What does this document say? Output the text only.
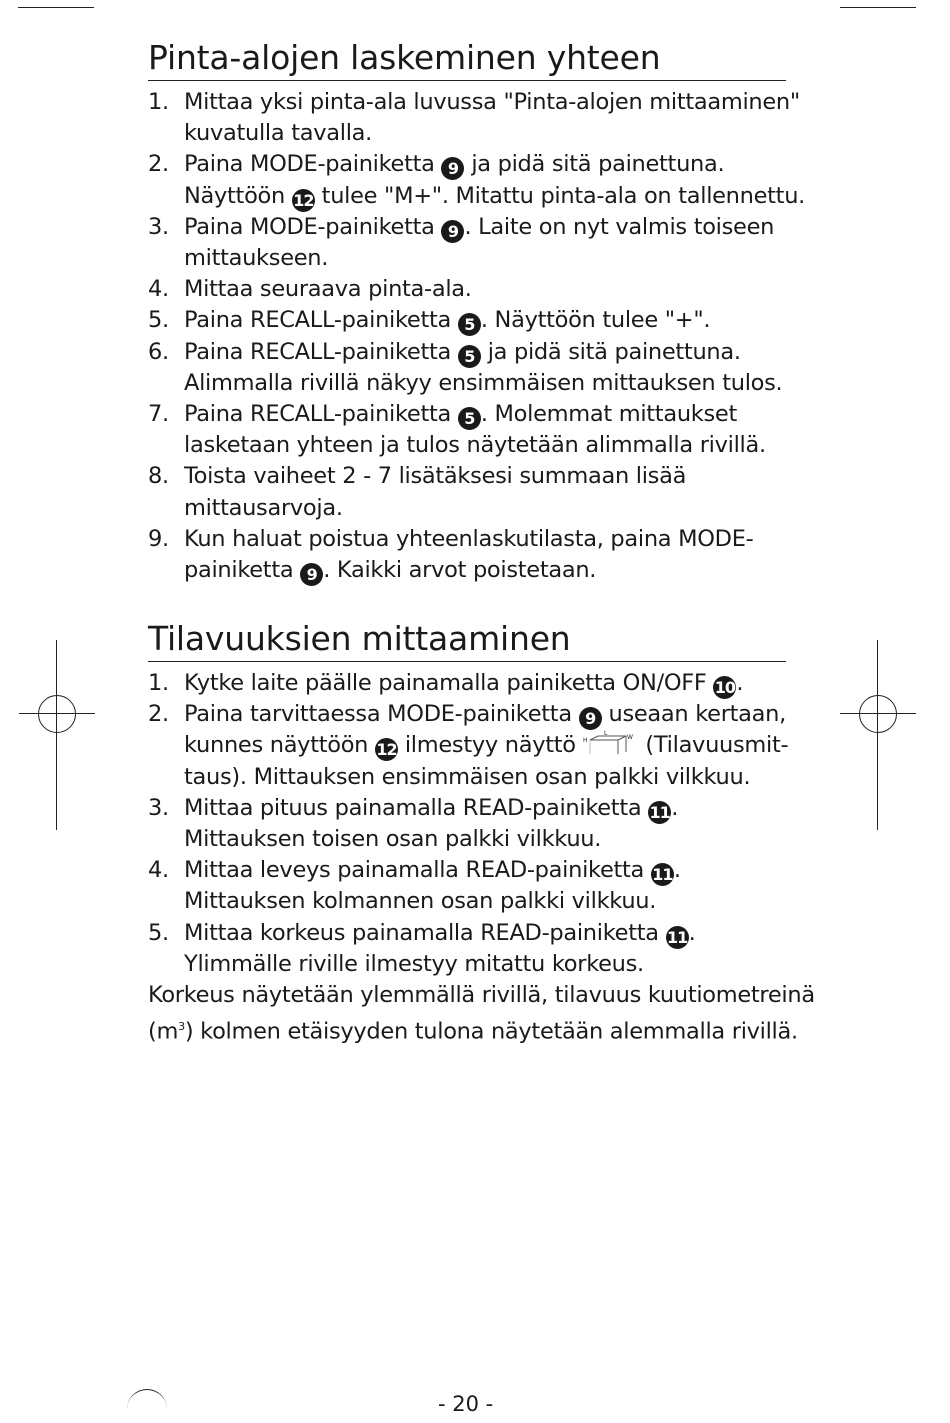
Pinta-alojen laskeminen yhteen
1. Mittaa yksi pinta-ala luvussa "Pinta-alojen mittaaminen"
kuvatulla tavalla.
2. Paina MODE-painiketta 9 ja pidä sitä painettuna.
Näyttöön 12 tulee "M+". Mitattu pinta-ala on tallennettu.
3. Paina MODE-painiketta 9 . Laite on nyt valmis toiseen
mittaukseen.
4. Mittaa seuraava pinta-ala.
5. Paina RECALL-painiketta 5 . Näyttöön tulee "+".
6. Paina RECALL-painiketta 5 ja pidä sitä painettuna.
Alimmalla rivillä näkyy ensimmäisen mittauksen tulos.
7. Paina RECALL-painiketta 5 . Molemmat mittaukset
lasketaan yhteen ja tulos näytetään alimmalla rivillä.
8. Toista vaiheet 2 - 7 lisätäksesi summaan lisää
mittausarvoja.
9. Kun haluat poistua yhteenlaskutilasta, paina MODE-
painiketta 9 . Kaikki arvot poistetaan.
Tilavuuksien mittaaminen
1. Kytke laite päälle painamalla painiketta ON/OFF 10.
2. Paina tarvittaessa MODE-painiketta 9 useaan kertaan,
kunnes näyttöön 12 ilmestyy näyttö H
L
W (Tilavuusmit-
taus). Mittauksen ensimmäisen osan palkki vilkkuu.
3. Mittaa pituus painamalla READ-painiketta 11.
Mittauksen toisen osan palkki vilkkuu.
4. Mittaa leveys painamalla READ-painiketta 11.
Mittauksen kolmannen osan palkki vilkkuu.
5. Mittaa korkeus painamalla READ-painiketta 11.
Ylimmälle riville ilmestyy mitattu korkeus.

Korkeus näytetään ylemmällä rivillä, tilavuus kuutiometreinä
$(m^3)$ kolmen etäisyyden tulona näytetään alemmalla rivillä.

- 20 -
